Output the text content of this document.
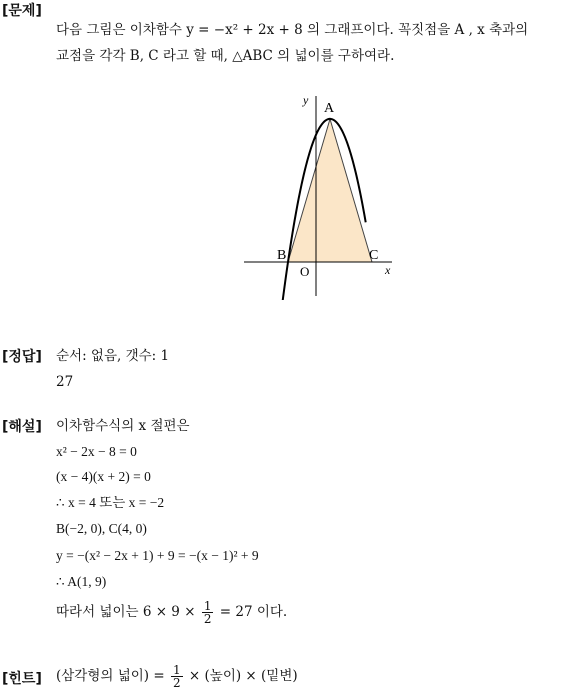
[문제]
다음 그림은 이차함수 y = −x² + 2x + 8 의 그래프이다. 꼭짓점을 A , x 축과의
교점을 각각 B, C 라고 할 때, △ABC 의 넓이를 구하여라.
A
B	C
O	x
y
[정답] 순서: 없음, 갯수: 1
27
[해설] 이차함수식의 x 절편은
x² − 2x − 8 = 0
(x − 4)(x + 2) = 0
∴ x = 4 또는 x = −2
B(−2, 0), C(4, 0)
y = −(x² − 2x + 1) + 9 = −(x − 1)² + 9
∴ A(1, 9)
따라서 넓이는 $6 \times 9 \times \frac{1}{2} = 27$ 이다.
[힌트] (삼각형의 넓이) = $\frac{1}{2}$ × (높이) × (밑변)
